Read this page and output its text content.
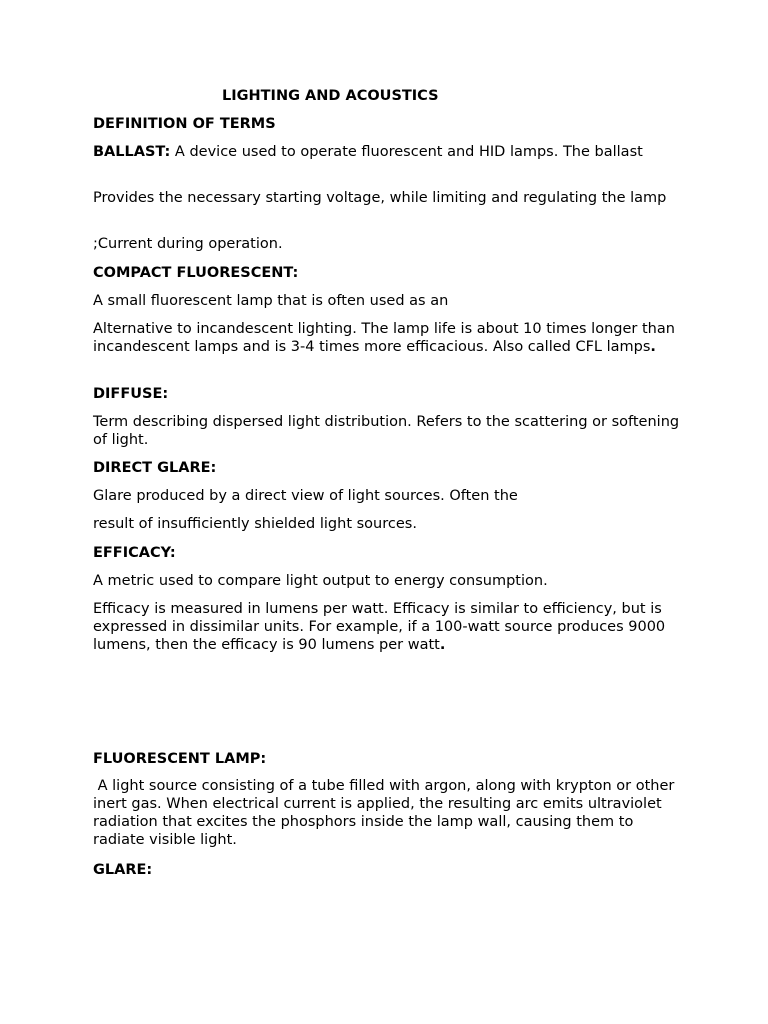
LIGHTING AND ACOUSTICS
DEFINITION OF TERMS
BALLAST: A device used to operate fluorescent and HID lamps. The ballast
Provides the necessary starting voltage, while limiting and regulating the lamp
;Current during operation.
COMPACT FLUORESCENT:
A small fluorescent lamp that is often used as an
Alternative to incandescent lighting. The lamp life is about 10 times longer than incandescent lamps and is 3-4 times more efficacious. Also called CFL lamps.
DIFFUSE:
Term describing dispersed light distribution. Refers to the scattering or softening of light.
DIRECT GLARE:
Glare produced by a direct view of light sources. Often the
result of insufficiently shielded light sources.
EFFICACY:
A metric used to compare light output to energy consumption.
Efficacy is measured in lumens per watt. Efficacy is similar to efficiency, but is expressed in dissimilar units. For example, if a 100-watt source produces 9000 lumens, then the efficacy is 90 lumens per watt.
FLUORESCENT LAMP:
A light source consisting of a tube filled with argon, along with krypton or other inert gas. When electrical current is applied, the resulting arc emits ultraviolet radiation that excites the phosphors inside the lamp wall, causing them to radiate visible light.
GLARE:
